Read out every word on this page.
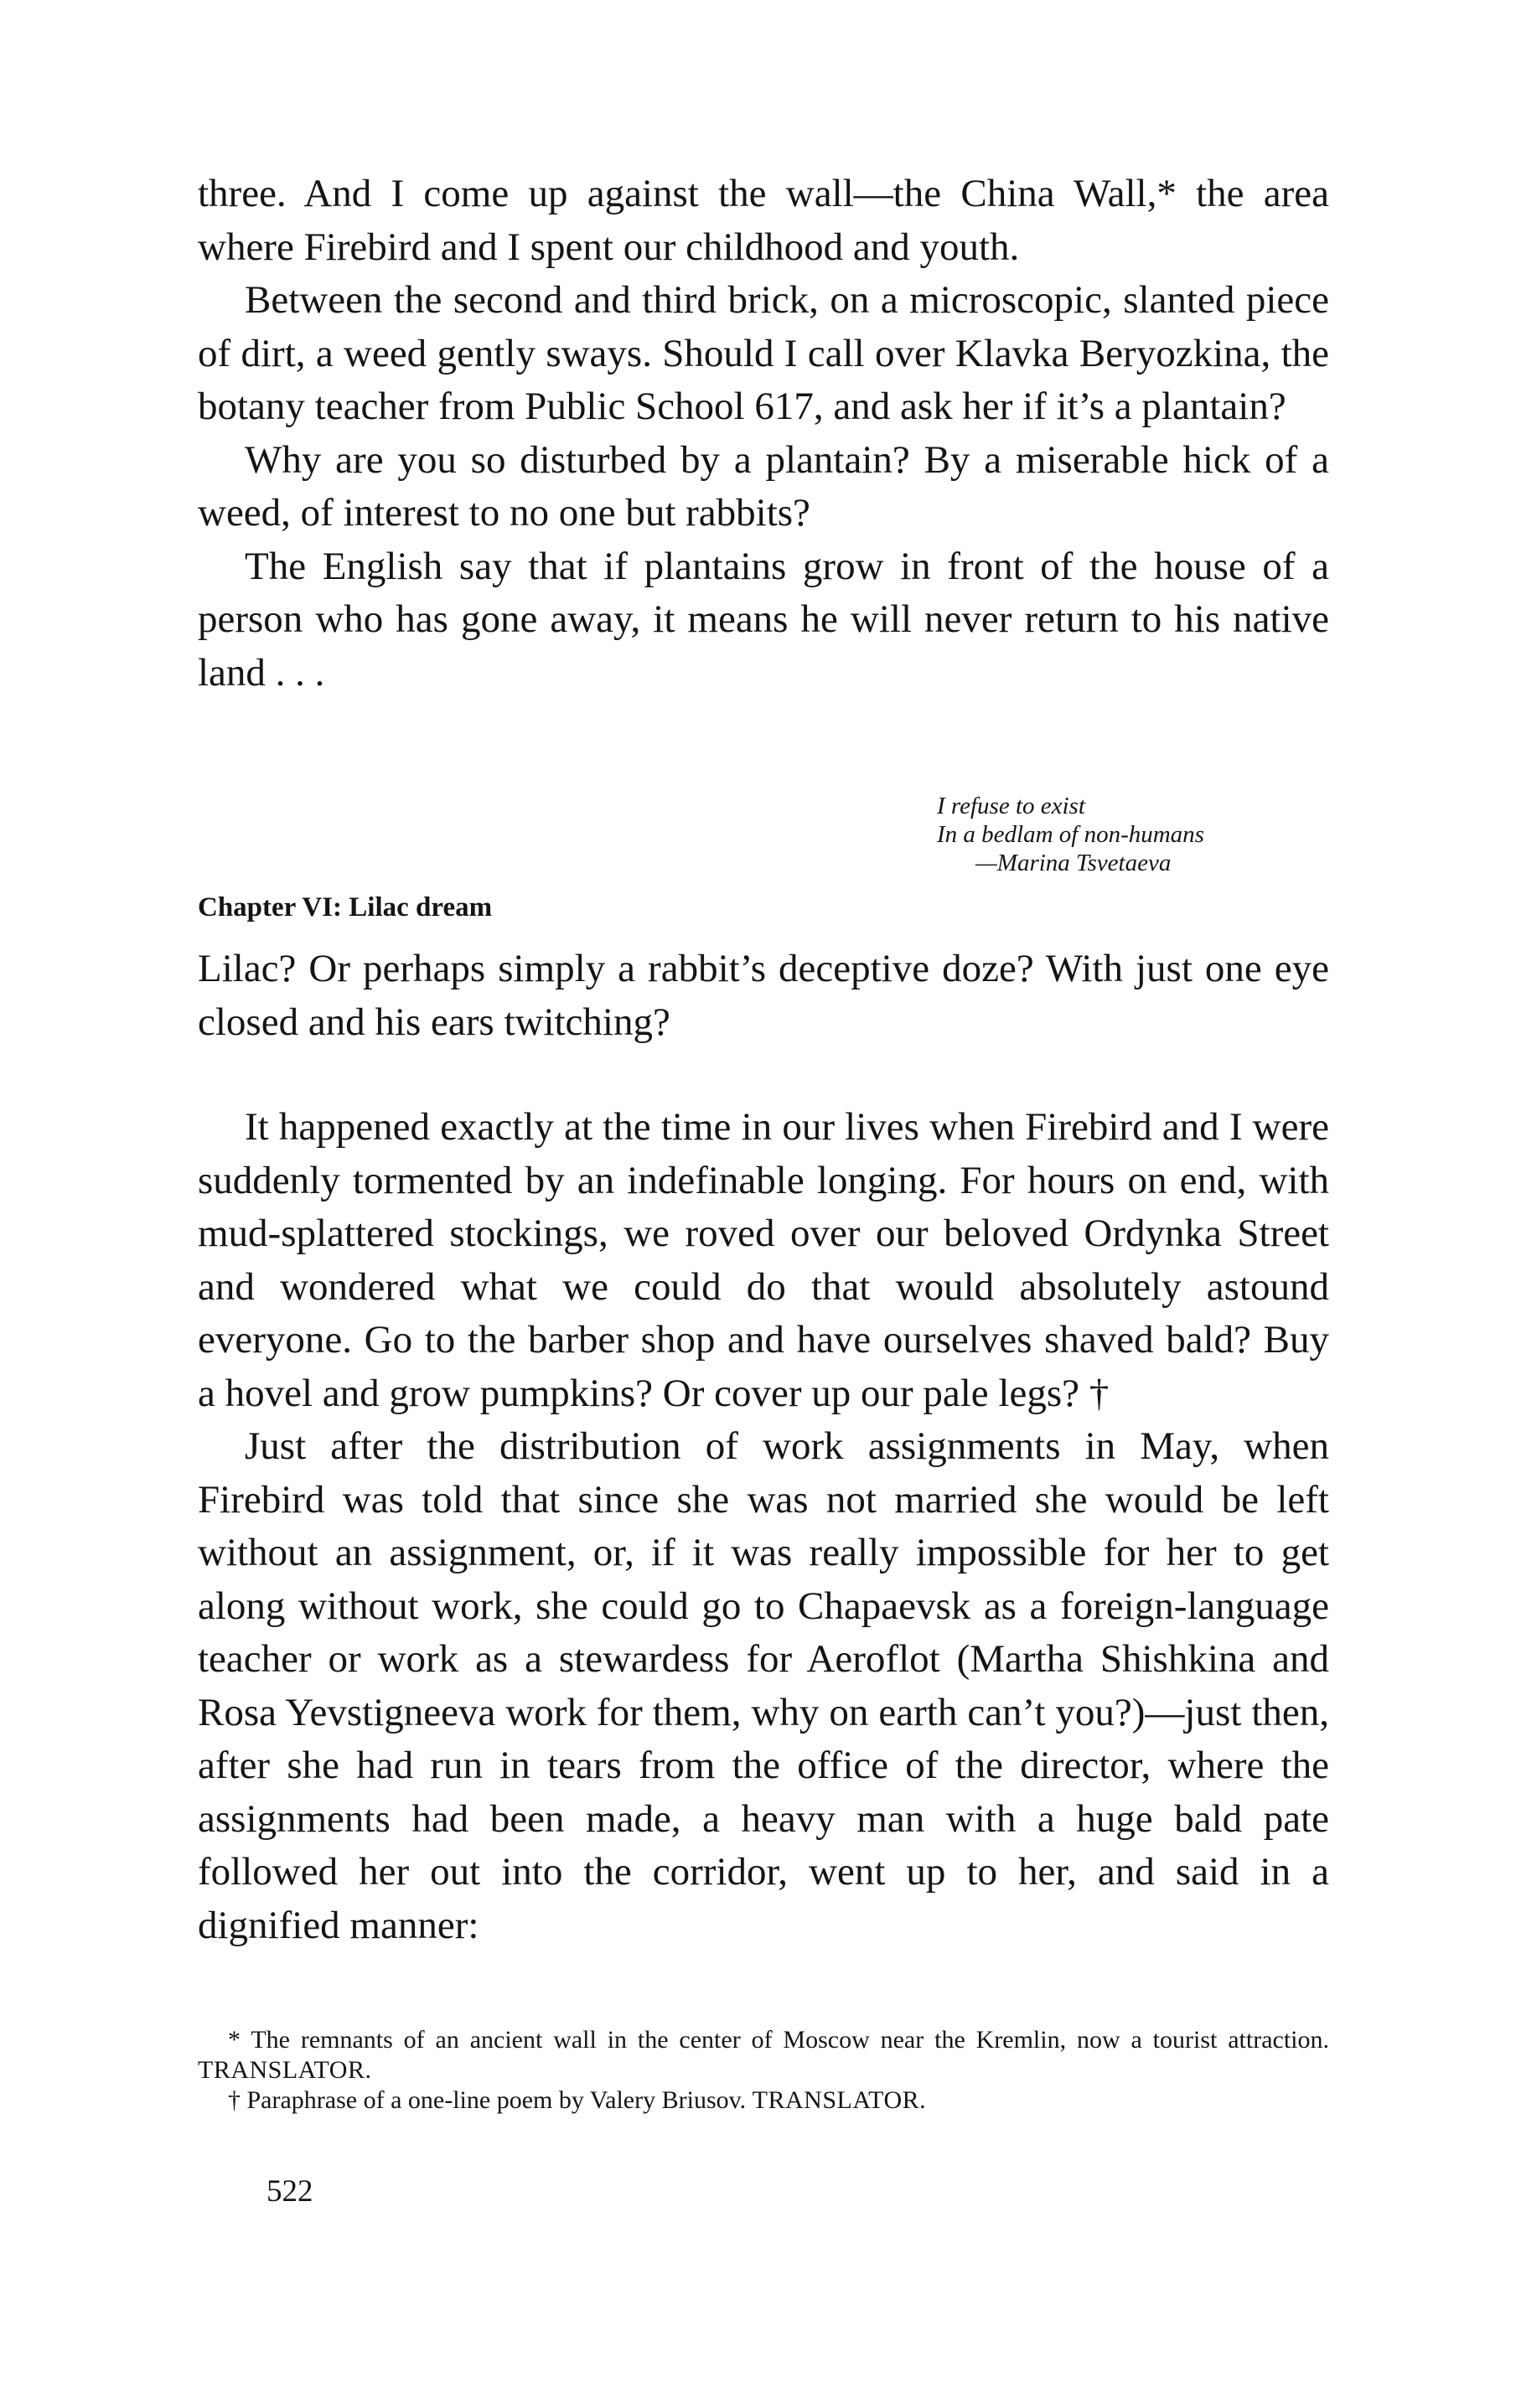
three. And I come up against the wall—the China Wall,* the area where Firebird and I spent our childhood and youth.

Between the second and third brick, on a microscopic, slanted piece of dirt, a weed gently sways. Should I call over Klavka Beryozkina, the botany teacher from Public School 617, and ask her if it’s a plantain?

Why are you so disturbed by a plantain? By a miserable hick of a weed, of interest to no one but rabbits?

The English say that if plantains grow in front of the house of a person who has gone away, it means he will never return to his native land . . .

I refuse to exist
In a bedlam of non-humans
—Marina Tsvetaeva
Chapter VI: Lilac dream

Lilac? Or perhaps simply a rabbit’s deceptive doze? With just one eye closed and his ears twitching?

It happened exactly at the time in our lives when Firebird and I were suddenly tormented by an indefinable longing. For hours on end, with mud-splattered stockings, we roved over our beloved Ordynka Street and wondered what we could do that would absolutely astound everyone. Go to the barber shop and have ourselves shaved bald? Buy a hovel and grow pumpkins? Or cover up our pale legs? †

Just after the distribution of work assignments in May, when Firebird was told that since she was not married she would be left without an assignment, or, if it was really impossible for her to get along without work, she could go to Chapaevsk as a foreign-language teacher or work as a stewardess for Aeroflot (Martha Shishkina and Rosa Yevstigneeva work for them, why on earth can’t you?)—just then, after she had run in tears from the office of the director, where the assignments had been made, a heavy man with a huge bald pate followed her out into the corridor, went up to her, and said in a dignified manner:

* The remnants of an ancient wall in the center of Moscow near the Kremlin, now a tourist attraction. TRANSLATOR.

† Paraphrase of a one-line poem by Valery Briusov. TRANSLATOR.

522
